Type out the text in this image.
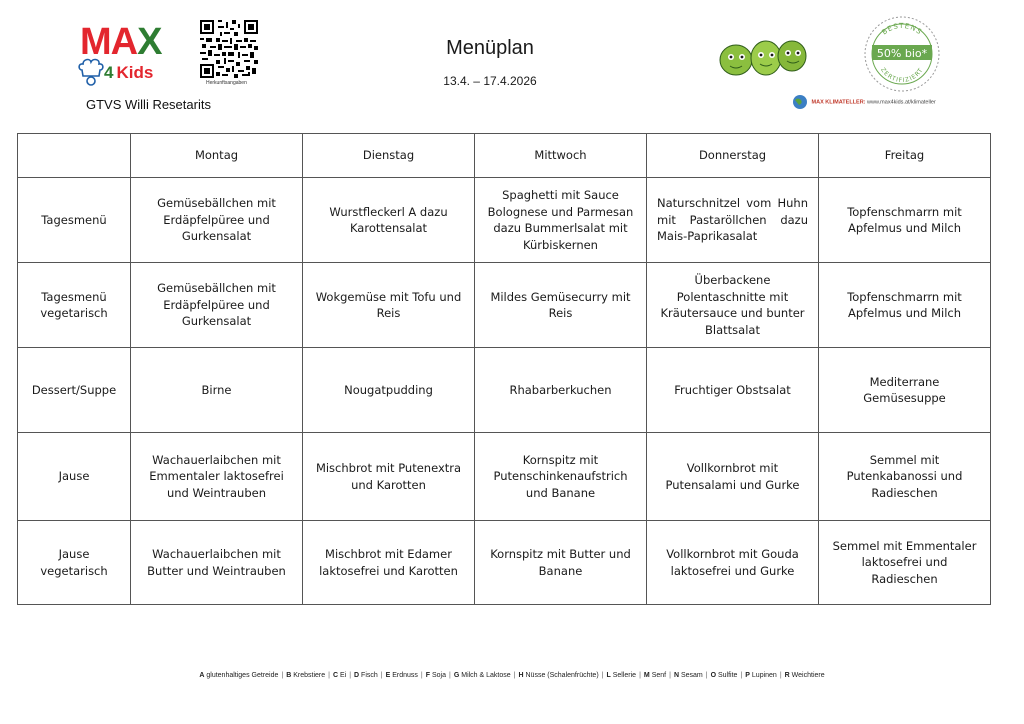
MAX
4 Kids
GTVS Willi Resetarits
Herkunftsangaben
Menüplan
13.4. – 17.4.2026
MAX KLIMATELLER: www.max4kids.at/klimateller
BESTENS
50% bio*
ZERTIFIZIERT
	Montag	Dienstag	Mittwoch	Donnerstag	Freitag
Tagesmenü	Gemüsebällchen mit Erdäpfelpüree und Gurkensalat	Wurstfleckerl A dazu Karottensalat	Spaghetti mit Sauce Bolognese und Parmesan dazu Bummerlsalat mit Kürbiskernen	Naturschnitzel vom Huhn mit Pastaröllchen dazu Mais-Paprikasalat	Topfenschmarrn mit Apfelmus und Milch
Tagesmenü vegetarisch	Gemüsebällchen mit Erdäpfelpüree und Gurkensalat	Wokgemüse mit Tofu und Reis	Mildes Gemüsecurry mit Reis	Überbackene Polentaschnitte mit Kräutersauce und bunter Blattsalat	Topfenschmarrn mit Apfelmus und Milch
Dessert/Suppe	Birne	Nougatpudding	Rhabarberkuchen	Fruchtiger Obstsalat	Mediterrane Gemüsesuppe
Jause	Wachauerlaibchen mit Emmentaler laktosefrei und Weintrauben	Mischbrot mit Putenextra und Karotten	Kornspitz mit Putenschinkenaufstrich und Banane	Vollkornbrot mit Putensalami und Gurke	Semmel mit Putenkabanossi und Radieschen
Jause vegetarisch	Wachauerlaibchen mit Butter und Weintrauben	Mischbrot mit Edamer laktosefrei und Karotten	Kornspitz mit Butter und Banane	Vollkornbrot mit Gouda laktosefrei und Gurke	Semmel mit Emmentaler laktosefrei und Radieschen
A glutenhaltiges Getreide | B Krebstiere | C Ei | D Fisch | E Erdnuss | F Soja | G Milch & Laktose | H Nüsse (Schalenfrüchte) | L Sellerie | M Senf | N Sesam | O Sulfite | P Lupinen | R Weichtiere
